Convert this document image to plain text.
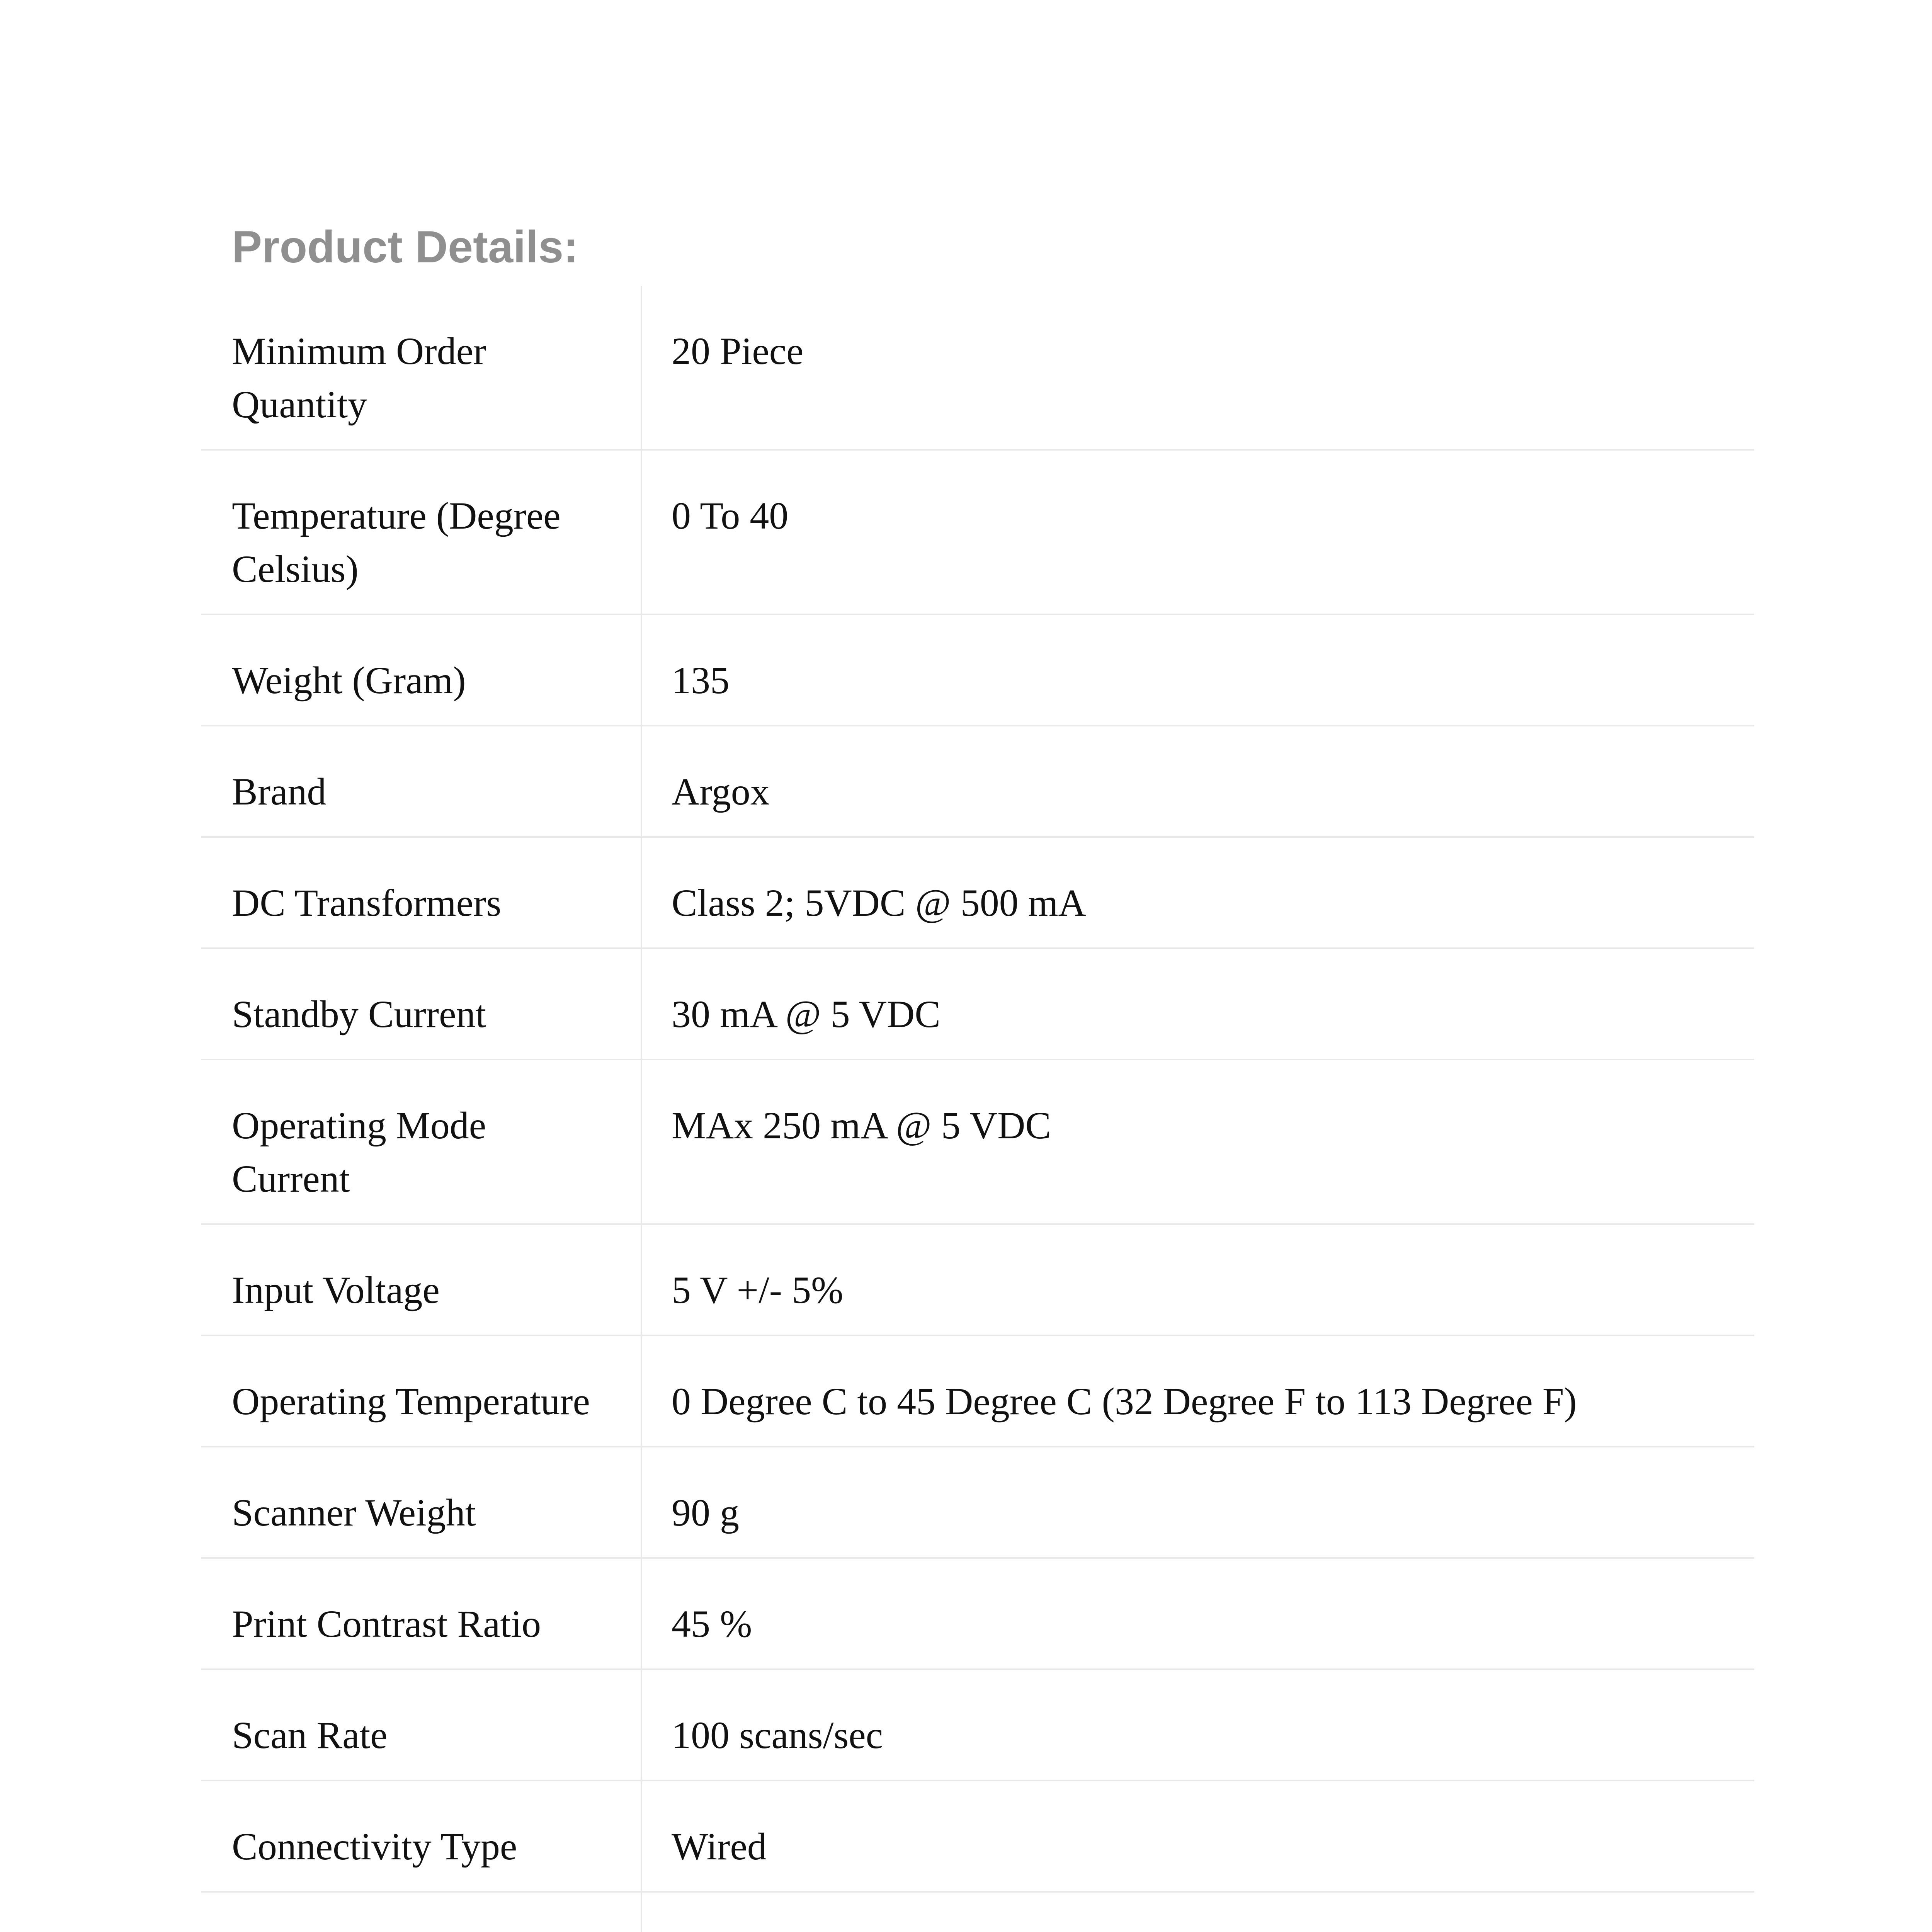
Product Details:
Minimum Order
Quantity	20 Piece

Temperature (Degree
Celsius)	0 To 40

Weight (Gram)	135

Brand	Argox

DC Transformers	Class 2; 5VDC @ 500 mA

Standby Current	30 mA @ 5 VDC

Operating Mode
Current	MAx 250 mA @ 5 VDC

Input Voltage	5 V +/- 5%

Operating Temperature	0 Degree C to 45 Degree C (32 Degree F to 113 Degree F)

Scanner Weight	90 g

Print Contrast Ratio	45 %

Scan Rate	100 scans/sec

Connectivity Type	Wired
